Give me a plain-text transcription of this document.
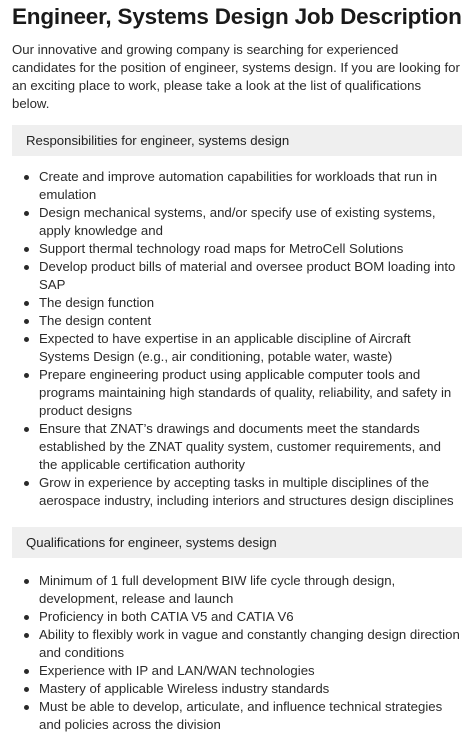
Engineer, Systems Design Job Description

Our innovative and growing company is searching for experienced candidates for the position of engineer, systems design. If you are looking for an exciting place to work, please take a look at the list of qualifications below.

Responsibilities for engineer, systems design
Create and improve automation capabilities for workloads that run in emulation
Design mechanical systems, and/or specify use of existing systems, apply knowledge and
Support thermal technology road maps for MetroCell Solutions
Develop product bills of material and oversee product BOM loading into SAP
The design function
The design content
Expected to have expertise in an applicable discipline of Aircraft Systems Design (e.g., air conditioning, potable water, waste)
Prepare engineering product using applicable computer tools and programs maintaining high standards of quality, reliability, and safety in product designs
Ensure that ZNAT’s drawings and documents meet the standards established by the ZNAT quality system, customer requirements, and the applicable certification authority
Grow in experience by accepting tasks in multiple disciplines of the aerospace industry, including interiors and structures design disciplines
Qualifications for engineer, systems design
Minimum of 1 full development BIW life cycle through design, development, release and launch
Proficiency in both CATIA V5 and CATIA V6
Ability to flexibly work in vague and constantly changing design direction and conditions
Experience with IP and LAN/WAN technologies
Mastery of applicable Wireless industry standards
Must be able to develop, articulate, and influence technical strategies and policies across the division
